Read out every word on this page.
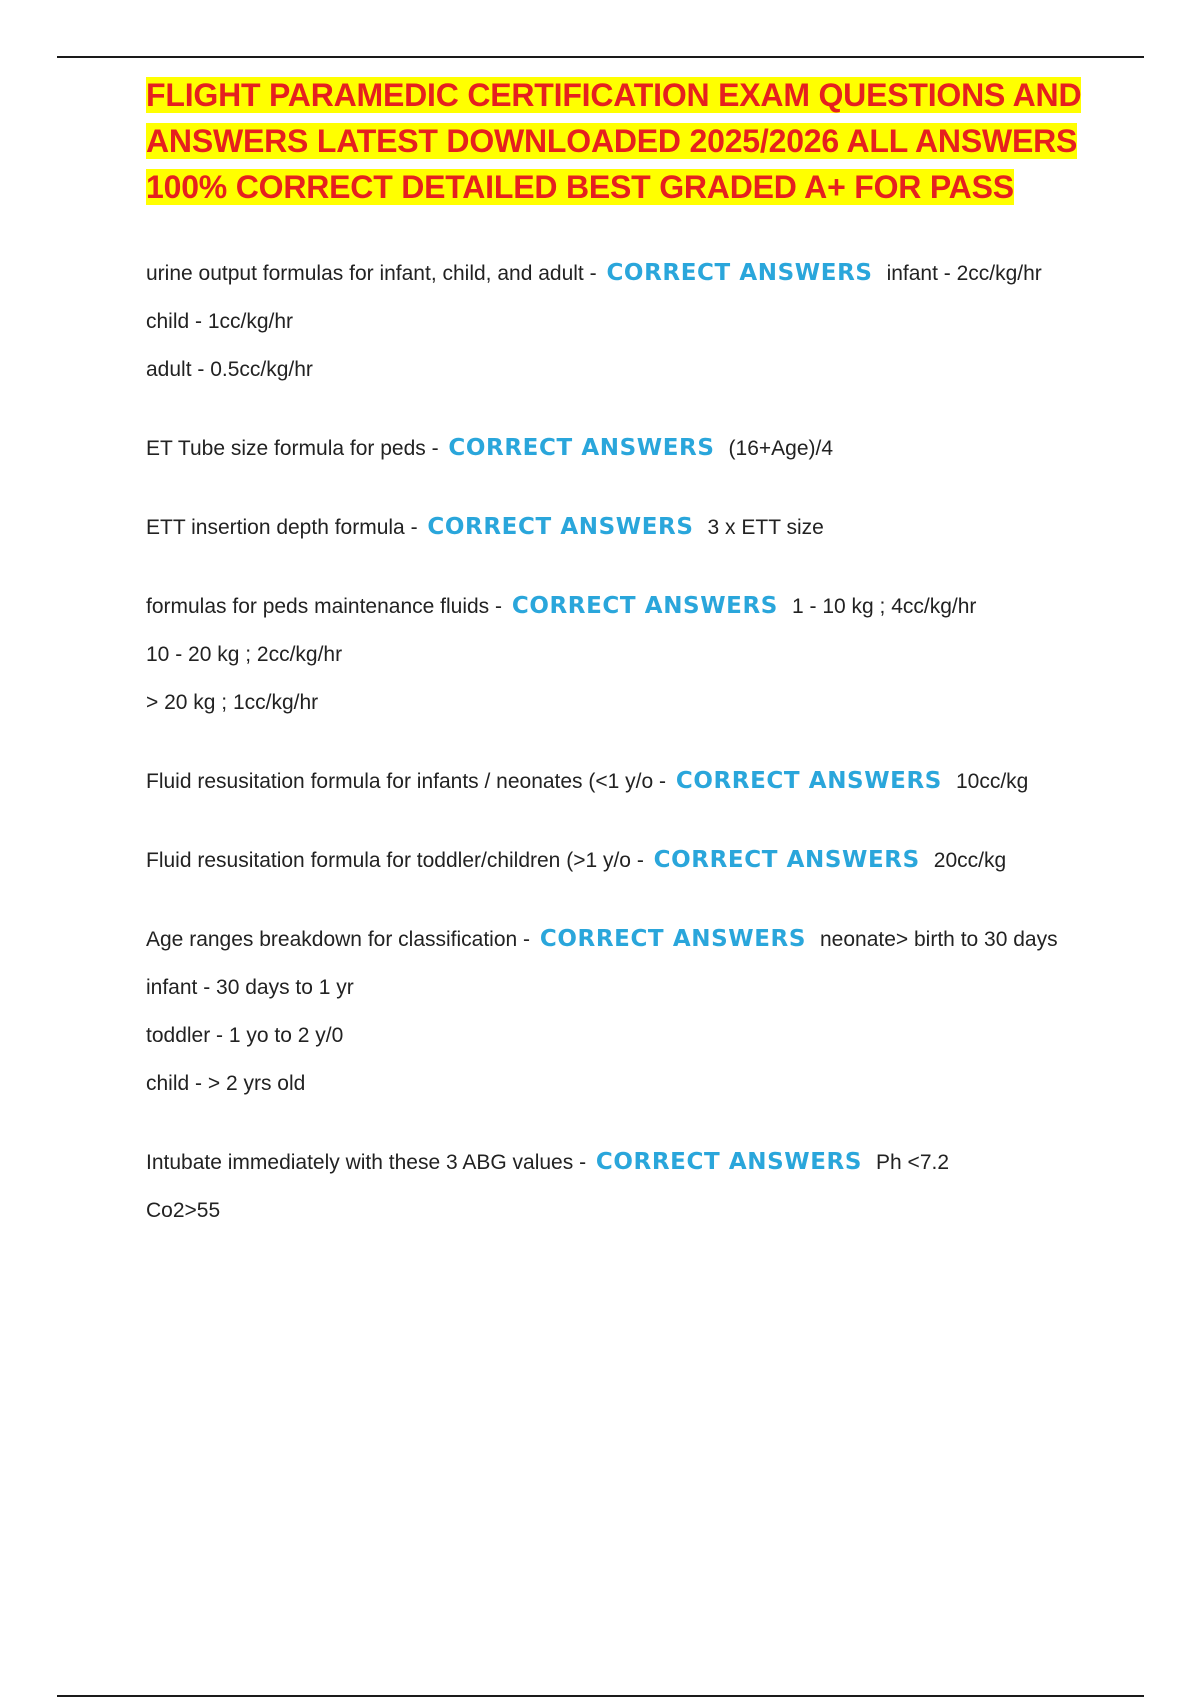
FLIGHT PARAMEDIC CERTIFICATION EXAM QUESTIONS AND ANSWERS LATEST DOWNLOADED 2025/2026 ALL ANSWERS 100% CORRECT DETAILED BEST GRADED A+ FOR PASS
urine output formulas for infant, child, and adult - CORRECT ANSWERS infant - 2cc/kg/hr
child - 1cc/kg/hr
adult - 0.5cc/kg/hr
ET Tube size formula for peds - CORRECT ANSWERS (16+Age)/4
ETT insertion depth formula - CORRECT ANSWERS 3 x ETT size
formulas for peds maintenance fluids - CORRECT ANSWERS 1 - 10 kg ; 4cc/kg/hr
10 - 20 kg ; 2cc/kg/hr
> 20 kg ; 1cc/kg/hr
Fluid resusitation formula for infants / neonates (<1 y/o - CORRECT ANSWERS 10cc/kg
Fluid resusitation formula for toddler/children (>1 y/o - CORRECT ANSWERS 20cc/kg
Age ranges breakdown for classification - CORRECT ANSWERS neonate> birth to 30 days
infant - 30 days to 1 yr
toddler - 1 yo to 2 y/0
child - > 2 yrs old
Intubate immediately with these 3 ABG values - CORRECT ANSWERS Ph <7.2
Co2>55
